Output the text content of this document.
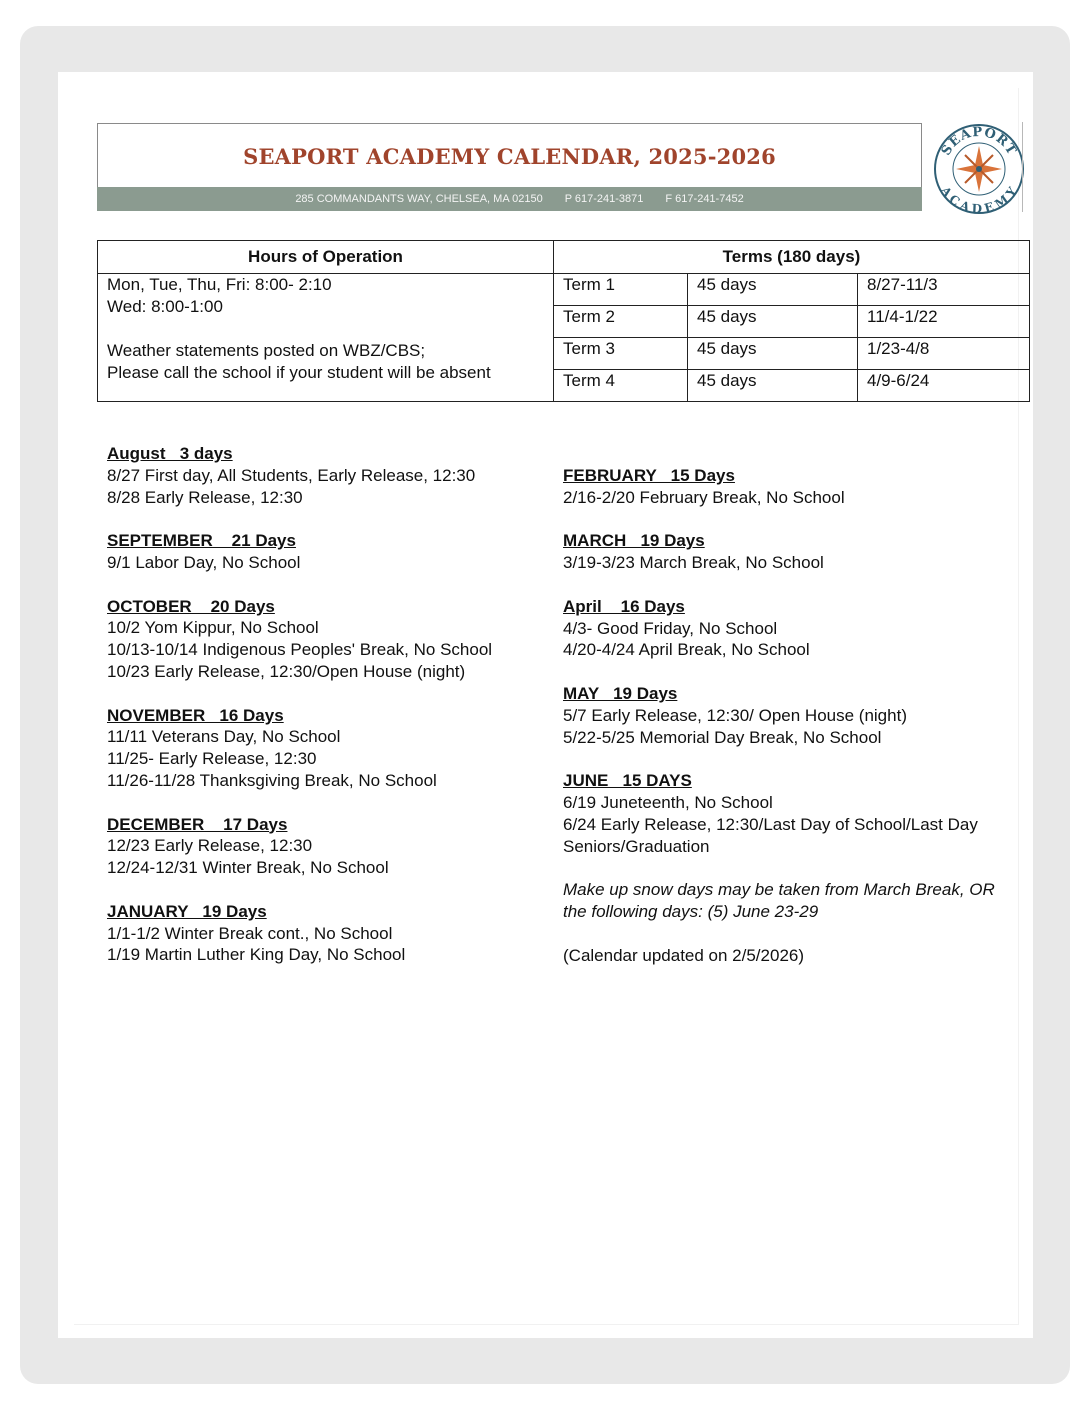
SEAPORT ACADEMY CALENDAR, 2025-2026
285 COMMANDANTS WAY, CHELSEA, MA 02150 P 617-241-3871 F 617-241-7452
SEAPORT
ACADEMY
Hours of Operation	Terms (180 days)		

Mon, Tue, Thu, Fri: 8:00- 2:10
Wed: 8:00-1:00
Weather statements posted on WBZ/CBS;
Please call the school if your student will be absent	Term 1	45 days	8/27-11/3
	Term 2	45 days	11/4-1/22
	Term 3	45 days	1/23-4/8
	Term 4	45 days	4/9-6/24
August   3 days
8/27 First day, All Students, Early Release, 12:30
8/28 Early Release, 12:30
SEPTEMBER    21 Days
9/1 Labor Day, No School
OCTOBER    20 Days
10/2 Yom Kippur, No School
10/13-10/14 Indigenous Peoples' Break, No School
10/23 Early Release, 12:30/Open House (night)
NOVEMBER   16 Days
11/11 Veterans Day, No School
11/25- Early Release, 12:30
11/26-11/28 Thanksgiving Break, No School
DECEMBER    17 Days
12/23 Early Release, 12:30
12/24-12/31 Winter Break, No School
JANUARY   19 Days
1/1-1/2 Winter Break cont., No School
1/19 Martin Luther King Day, No School
FEBRUARY   15 Days
2/16-2/20 February Break, No School
MARCH   19 Days
3/19-3/23 March Break, No School
April    16 Days
4/3- Good Friday, No School
4/20-4/24 April Break, No School
MAY   19 Days
5/7 Early Release, 12:30/ Open House (night)
5/22-5/25 Memorial Day Break, No School
JUNE   15 DAYS
6/19 Juneteenth, No School
6/24 Early Release, 12:30/Last Day of School/Last Day Seniors/Graduation
Make up snow days may be taken from March Break, OR the following days: (5) June 23-29
(Calendar updated on 2/5/2026)
